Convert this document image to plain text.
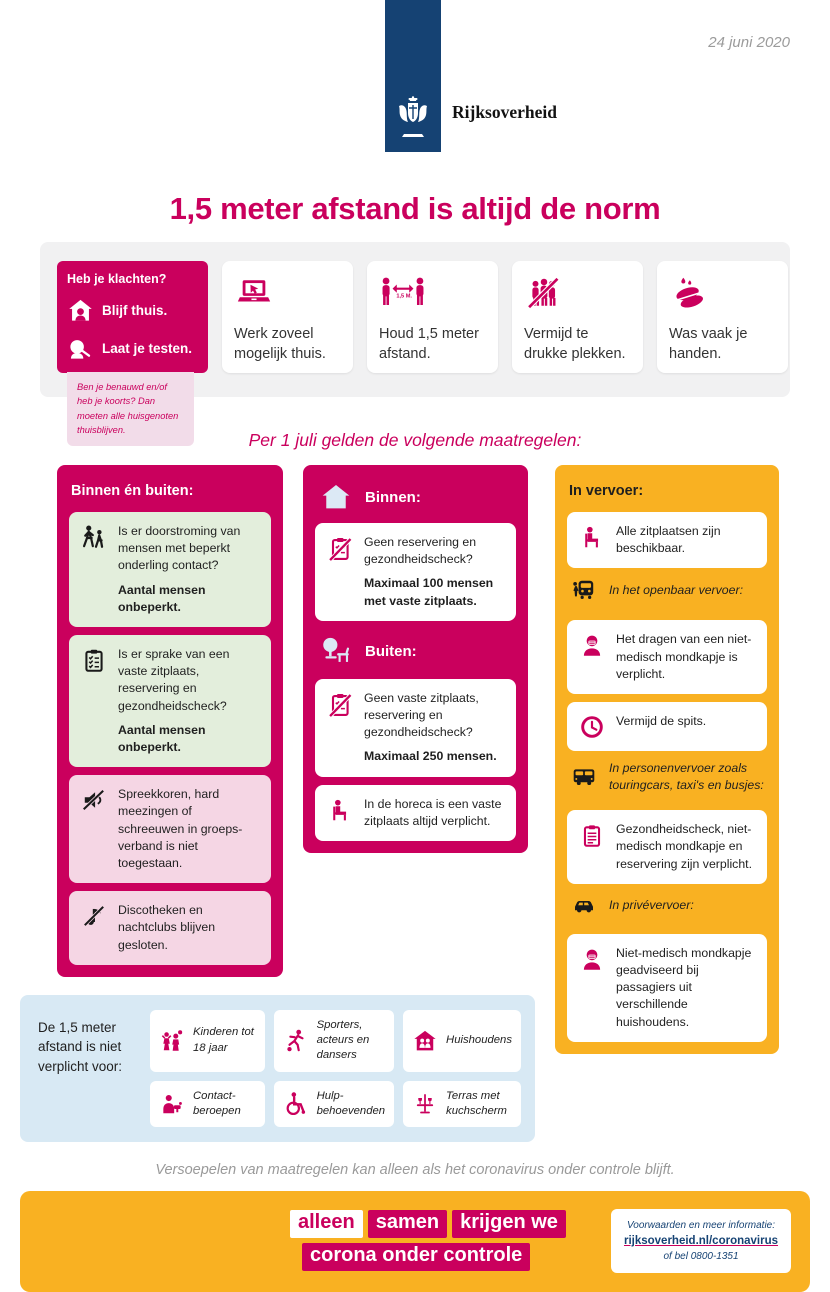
Rijksoverheid
24 juni 2020
1,5 meter afstand is altijd de norm
Heb je klachten?
Blijf thuis.
Laat je testen.
Werk zoveel mogelijk thuis.
1,5 M.
Houd 1,5 meter afstand.
Vermijd te drukke plekken.
Was vaak je handen.
Ben je benauwd en/of heb je koorts? Dan moeten alle huisgenoten thuisblijven.	Per 1 juli gelden de volgende maatregelen:
Binnen én buiten:
Is er doorstroming van mensen met beperkt onderling contact?
Aantal mensen onbeperkt.
Is er sprake van een vaste zitplaats, reservering en gezondheidscheck?
Aantal mensen onbeperkt.
Spreekkoren, hard meezingen of schreeuwen in groeps-verband is niet toegestaan.
Discotheken en nachtclubs blijven gesloten.
Binnen:
Geen reservering en gezondheidscheck?
Maximaal 100 mensen met vaste zitplaats.
Buiten:
Geen vaste zitplaats, reservering en gezondheidscheck?
Maximaal 250 mensen.
In de horeca is een vaste zitplaats altijd verplicht.
De 1,5 meter afstand is niet verplicht voor:
Kinderen tot 18 jaar
Sporters, acteurs en dansers
Huishoudens
Contact- beroepen
Hulp- behoevenden
Terras met kuchscherm
In vervoer:
Alle zitplaatsen zijn beschikbaar.
In het openbaar vervoer:
Het dragen van een niet-medisch mondkapje is verplicht.
Vermijd de spits.
In personenvervoer zoals touringcars, taxi's en busjes:
Gezondheidscheck, niet-medisch mondkapje en reservering zijn verplicht.
In privévervoer:
Niet-medisch mondkapje geadviseerd bij passagiers uit verschillende huishoudens.
Versoepelen van maatregelen kan alleen als het coronavirus onder controle blijft.
alleen	samen	krijgen we
corona onder controle
Voorwaarden en meer informatie:
rijksoverheid.nl/coronavirus
of bel 0800-1351
